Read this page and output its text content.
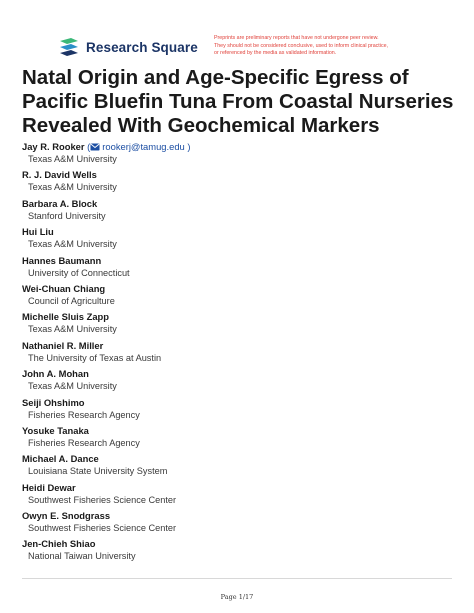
Research Square
Preprints are preliminary reports that have not undergone peer review.
They should not be considered conclusive, used to inform clinical practice,
or referenced by the media as validated information.
Natal Origin and Age-Specific Egress of Pacific Bluefin Tuna From Coastal Nurseries Revealed With Geochemical Markers
Jay R. Rooker ( rookerj@tamug.edu )
Texas A&M University
R. J. David Wells
Texas A&M University
Barbara A. Block
Stanford University
Hui Liu
Texas A&M University
Hannes Baumann
University of Connecticut
Wei-Chuan Chiang
Council of Agriculture
Michelle Sluis Zapp
Texas A&M University
Nathaniel R. Miller
The University of Texas at Austin
John A. Mohan
Texas A&M University
Seiji Ohshimo
Fisheries Research Agency
Yosuke Tanaka
Fisheries Research Agency
Michael A. Dance
Louisiana State University System
Heidi Dewar
Southwest Fisheries Science Center
Owyn E. Snodgrass
Southwest Fisheries Science Center
Jen-Chieh Shiao
National Taiwan University
Page 1/17
